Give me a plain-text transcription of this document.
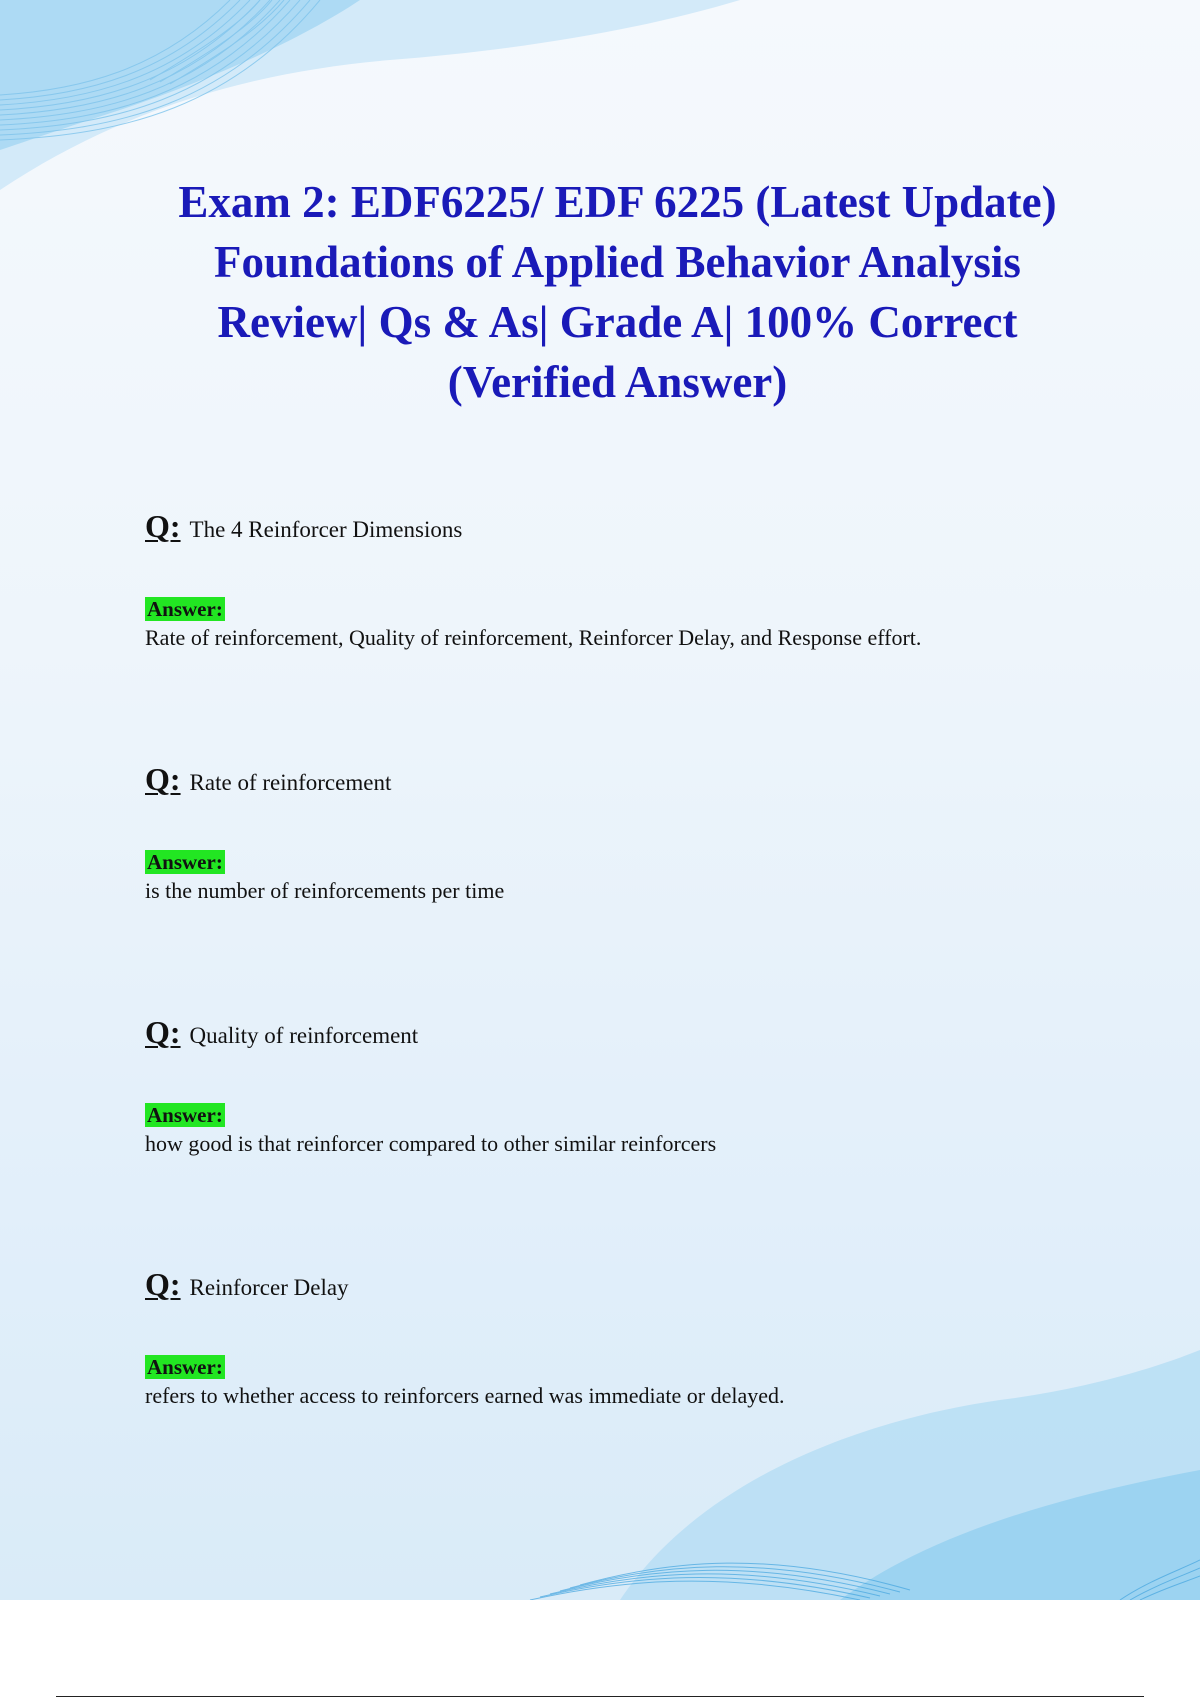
Exam 2: EDF6225/ EDF 6225 (Latest Update) Foundations of Applied Behavior Analysis Review| Qs & As| Grade A| 100% Correct (Verified Answer)
Q: The 4 Reinforcer Dimensions
Answer:
Rate of reinforcement, Quality of reinforcement, Reinforcer Delay, and Response effort.
Q: Rate of reinforcement
Answer:
is the number of reinforcements per time
Q: Quality of reinforcement
Answer:
how good is that reinforcer compared to other similar reinforcers
Q: Reinforcer Delay
Answer:
refers to whether access to reinforcers earned was immediate or delayed.
